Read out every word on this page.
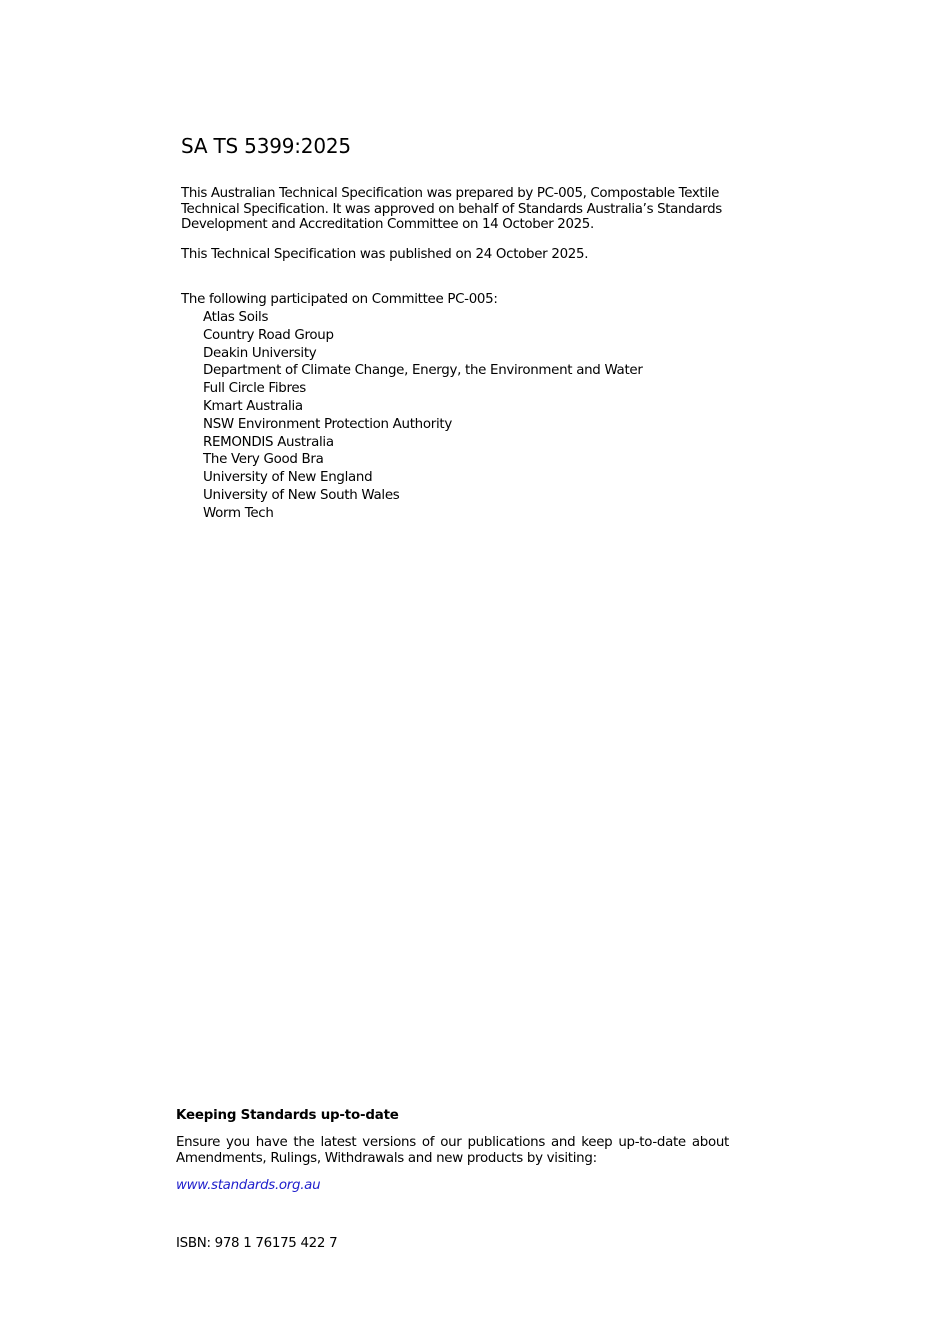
SA TS 5399:2025

This Australian Technical Specification was prepared by PC-005, Compostable Textile Technical Specification. It was approved on behalf of Standards Australia’s Standards Development and Accreditation Committee on 14 October 2025.

This Technical Specification was published on 24 October 2025.

The following participated on Committee PC-005:

Atlas Soils
Country Road Group
Deakin University
Department of Climate Change, Energy, the Environment and Water
Full Circle Fibres
Kmart Australia
NSW Environment Protection Authority
REMONDIS Australia
The Very Good Bra
University of New England
University of New South Wales
Worm Tech
Keeping Standards up-to-date

Ensure you have the latest versions of our publications and keep up-to-date about Amendments, Rulings, Withdrawals and new products by visiting:

www.standards.org.au

ISBN: 978 1 76175 422 7
